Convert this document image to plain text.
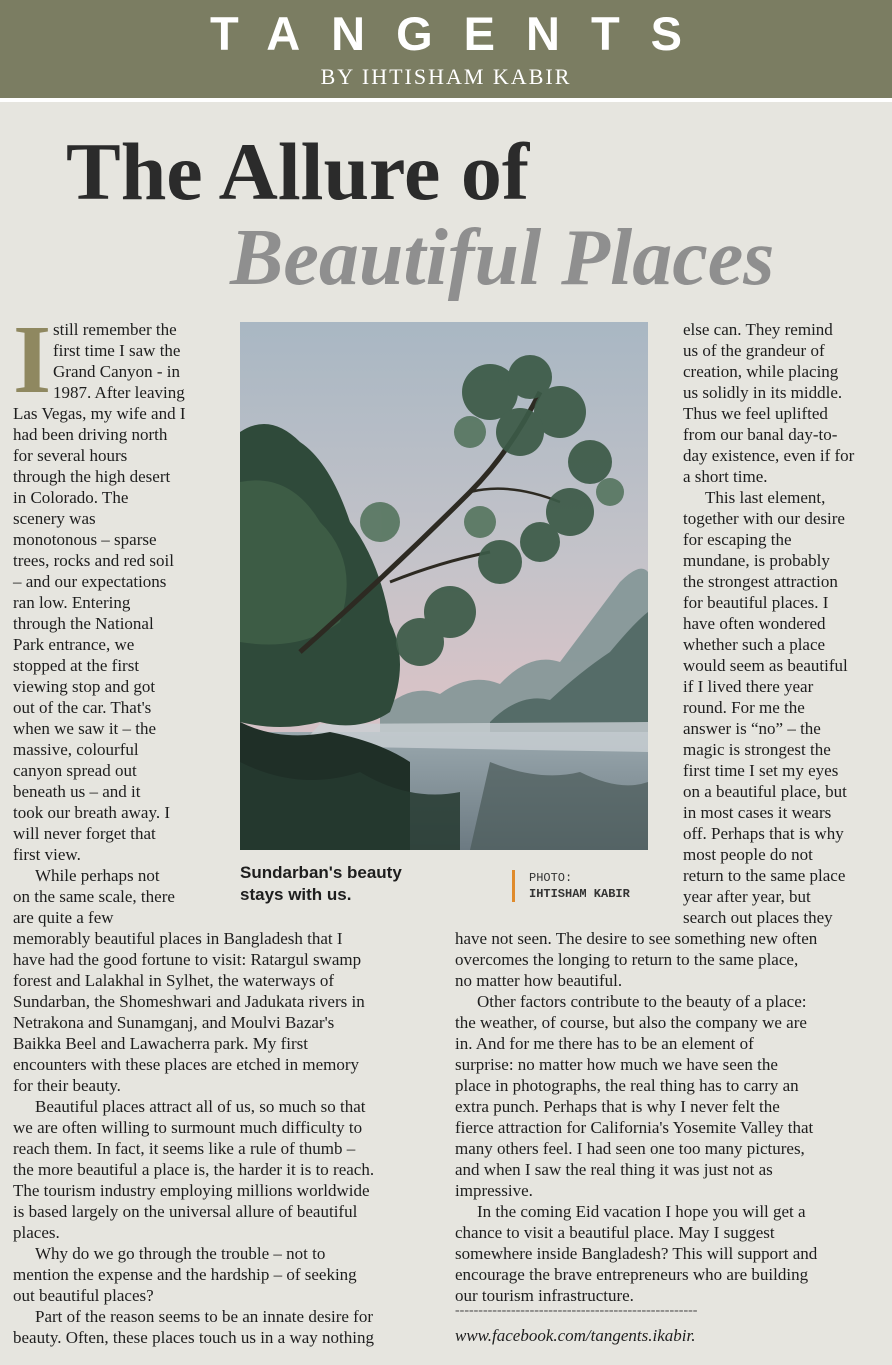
TANGENTS
BY IHTISHAM KABIR
The Allure of
Beautiful Places
I still remember the

first time I saw the

Grand Canyon - in

1987. After leaving

Las Vegas, my wife and I

had been driving north

for several hours

through the high desert

in Colorado. The

scenery was

monotonous – sparse

trees, rocks and red soil

– and our expectations

ran low. Entering

through the National

Park entrance, we

stopped at the first

viewing stop and got

out of the car. That's

when we saw it – the

massive, colourful

canyon spread out

beneath us – and it

took our breath away. I

will never forget that

first view.

While perhaps not

on the same scale, there

are quite a few

Sundarban's beauty
stays with us.
PHOTO:
IHTISHAM KABIR

else can. They remind

us of the grandeur of

creation, while placing

us solidly in its middle.

Thus we feel uplifted

from our banal day-to-

day existence, even if for

a short time.

This last element,

together with our desire

for escaping the

mundane, is probably

the strongest attraction

for beautiful places. I

have often wondered

whether such a place

would seem as beautiful

if I lived there year

round. For me the

answer is “no” – the

magic is strongest the

first time I set my eyes

on a beautiful place, but

in most cases it wears

off. Perhaps that is why

most people do not

return to the same place

year after year, but

search out places they

memorably beautiful places in Bangladesh that I

have had the good fortune to visit: Ratargul swamp

forest and Lalakhal in Sylhet, the waterways of

Sundarban, the Shomeshwari and Jadukata rivers in

Netrakona and Sunamganj, and Moulvi Bazar's

Baikka Beel and Lawacherra park. My first

encounters with these places are etched in memory

for their beauty.

Beautiful places attract all of us, so much so that

we are often willing to surmount much difficulty to

reach them. In fact, it seems like a rule of thumb –

the more beautiful a place is, the harder it is to reach.

The tourism industry employing millions worldwide

is based largely on the universal allure of beautiful

places.

Why do we go through the trouble – not to

mention the expense and the hardship – of seeking

out beautiful places?

Part of the reason seems to be an innate desire for

beauty. Often, these places touch us in a way nothing

have not seen. The desire to see something new often

overcomes the longing to return to the same place,

no matter how beautiful.

Other factors contribute to the beauty of a place:

the weather, of course, but also the company we are

in. And for me there has to be an element of

surprise: no matter how much we have seen the

place in photographs, the real thing has to carry an

extra punch. Perhaps that is why I never felt the

fierce attraction for California's Yosemite Valley that

many others feel. I had seen one too many pictures,

and when I saw the real thing it was just not as

impressive.

In the coming Eid vacation I hope you will get a

chance to visit a beautiful place. May I suggest

somewhere inside Bangladesh? This will support and

encourage the brave entrepreneurs who are building

our tourism infrastructure.

----------------------------------------------------
www.facebook.com/tangents.ikabir.
